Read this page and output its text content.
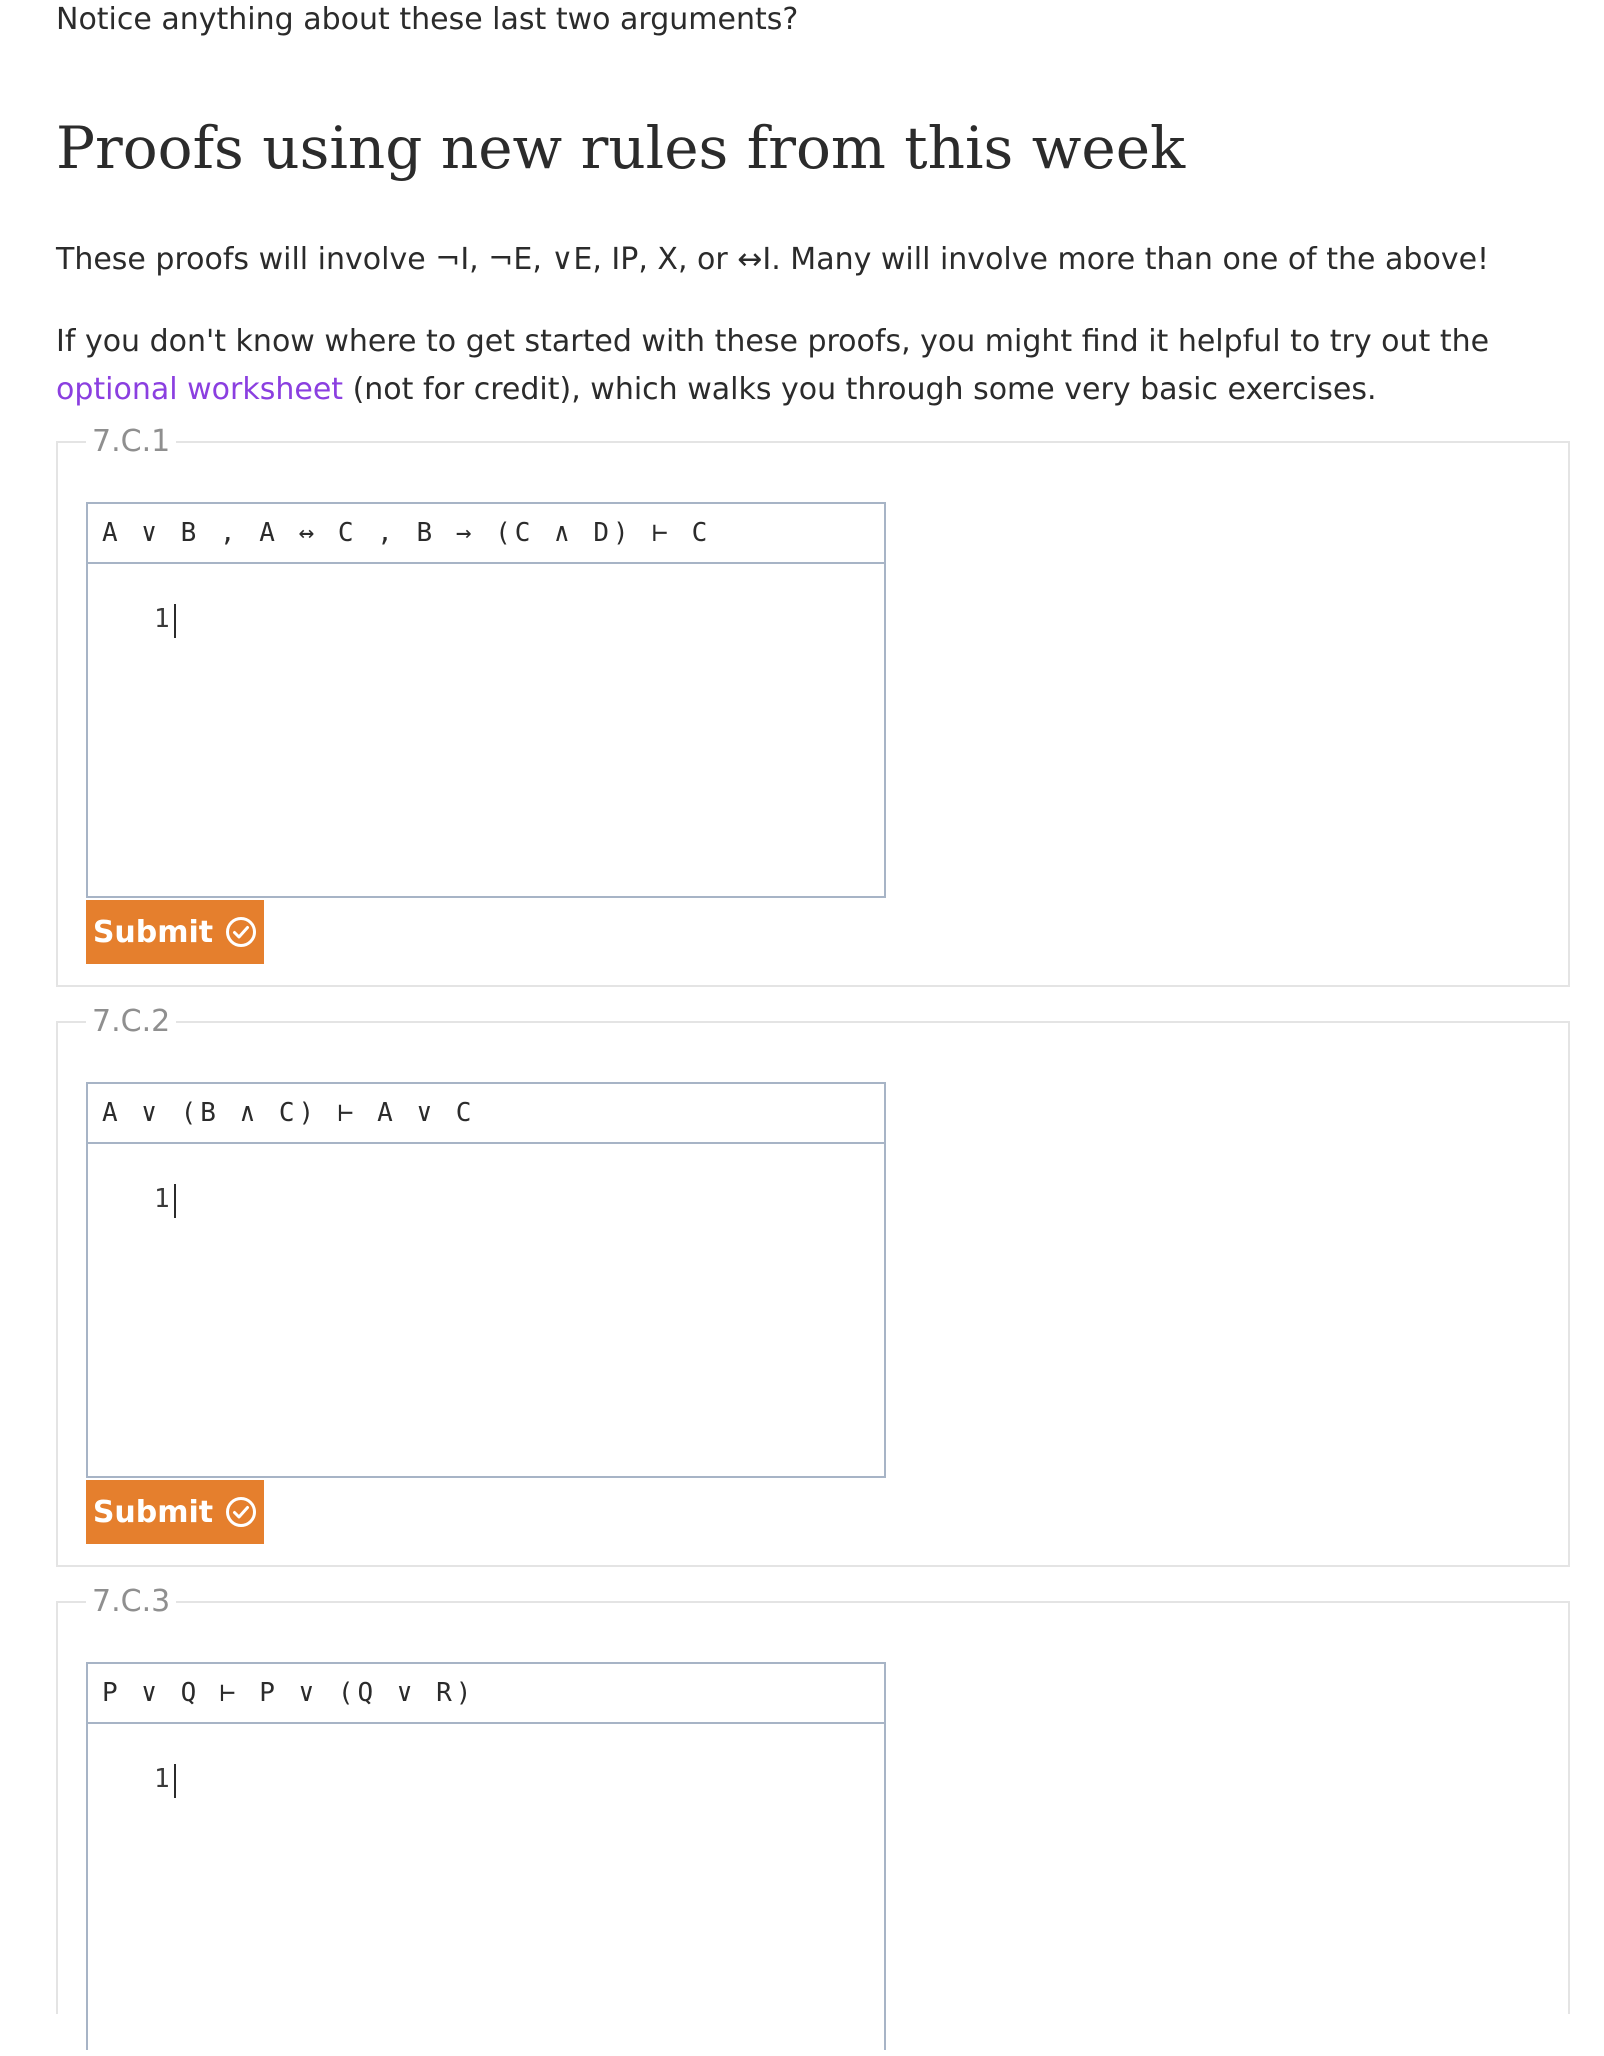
Notice anything about these last two arguments?

Proofs using new rules from this week

These proofs will involve ¬I, ¬E, ∨E, IP, X, or ↔I. Many will involve more than one of the above!

If you don't know where to get started with these proofs, you might find it helpful to try out the optional worksheet (not for credit), which walks you through some very basic exercises.

7.C.1
A ∨ B , A ↔ C , B → (C ∧ D) ⊢ C
1
Submit
7.C.2
A ∨ (B ∧ C) ⊢ A ∨ C
1
Submit
7.C.3
P ∨ Q ⊢ P ∨ (Q ∨ R)
1
